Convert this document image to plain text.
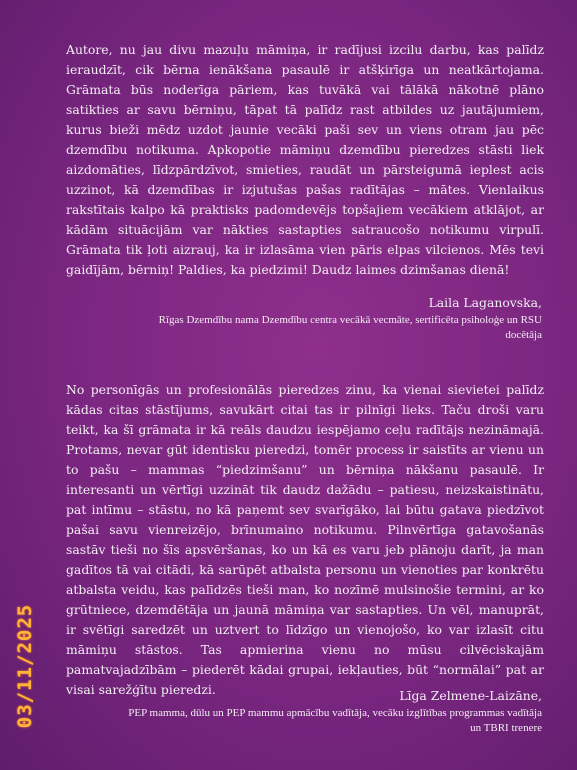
Autore, nu jau divu mazuļu māmiņa, ir radījusi izcilu darbu, kas palīdz ieraudzīt, cik bērna ienākšana pasaulē ir atšķirīga un neatkārtojama. Grāmata būs noderīga pāriem, kas tuvākā vai tālākā nākotnē plāno satikties ar savu bērniņu, tāpat tā palīdz rast atbildes uz jautājumiem, kurus bieži mēdz uzdot jaunie vecāki paši sev un viens otram jau pēc dzemdību notikuma. Apkopotie māmiņu dzemdību pieredzes stāsti liek aizdomāties, līdzpārdzīvot, smieties, raudāt un pārsteigumā ieplest acis uzzinot, kā dzemdības ir izjutušas pašas radītājas – mātes. Vienlaikus rakstītais kalpo kā praktisks padomdevējs topšajiem vecākiem atklājot, ar kādām situācijām var nākties sastapties satraucošo notikumu virpulī. Grāmata tik ļoti aizrauj, ka ir izlasāma vien pāris elpas vilcienos. Mēs tevi gaidījām, bērniņ! Paldies, ka piedzimi! Daudz laimes dzimšanas dienā!

Laila Laganovska,
Rīgas Dzemdību nama Dzemdību centra vecākā vecmāte, sertificēta psiholoģe un RSU docētāja

No personīgās un profesionālās pieredzes zinu, ka vienai sievietei palīdz kādas citas stāstījums, savukārt citai tas ir pilnīgi lieks. Taču droši varu teikt, ka šī grāmata ir kā reāls daudzu iespējamo ceļu radītājs nezināmajā. Protams, nevar gūt identisku pieredzi, tomēr process ir saistīts ar vienu un to pašu – mammas “piedzimšanu” un bērniņa nākšanu pasaulē. Ir interesanti un vērtīgi uzzināt tik daudz dažādu – patiesu, neizskaistinātu, pat intīmu – stāstu, no kā paņemt sev svarīgāko, lai būtu gatava piedzīvot pašai savu vienreizējo, brīnumaino notikumu. Pilnvērtīga gatavošanās sastāv tieši no šīs apsvēršanas, ko un kā es varu jeb plānoju darīt, ja man gadītos tā vai citādi, kā sarūpēt atbalsta personu un vienoties par konkrētu atbalsta veidu, kas palīdzēs tieši man, ko nozīmē mulsinošie termini, ar ko grūtniece, dzemdētāja un jaunā māmiņa var sastapties. Un vēl, manuprāt, ir svētīgi saredzēt un uztvert to līdzīgo un vienojošo, ko var izlasīt citu māmiņu stāstos. Tas apmierina vienu no mūsu cilvēciskajām pamatvajadzībām – piederēt kādai grupai, iekļauties, būt “normālai” pat ar visai sarežģītu pieredzi.	Līga Zelmene-Laizāne,
PEP mamma, dūlu un PEP mammu apmācību vadītāja, vecāku izglītības programmas vadītāja un TBRI trenere
03/11/2025
